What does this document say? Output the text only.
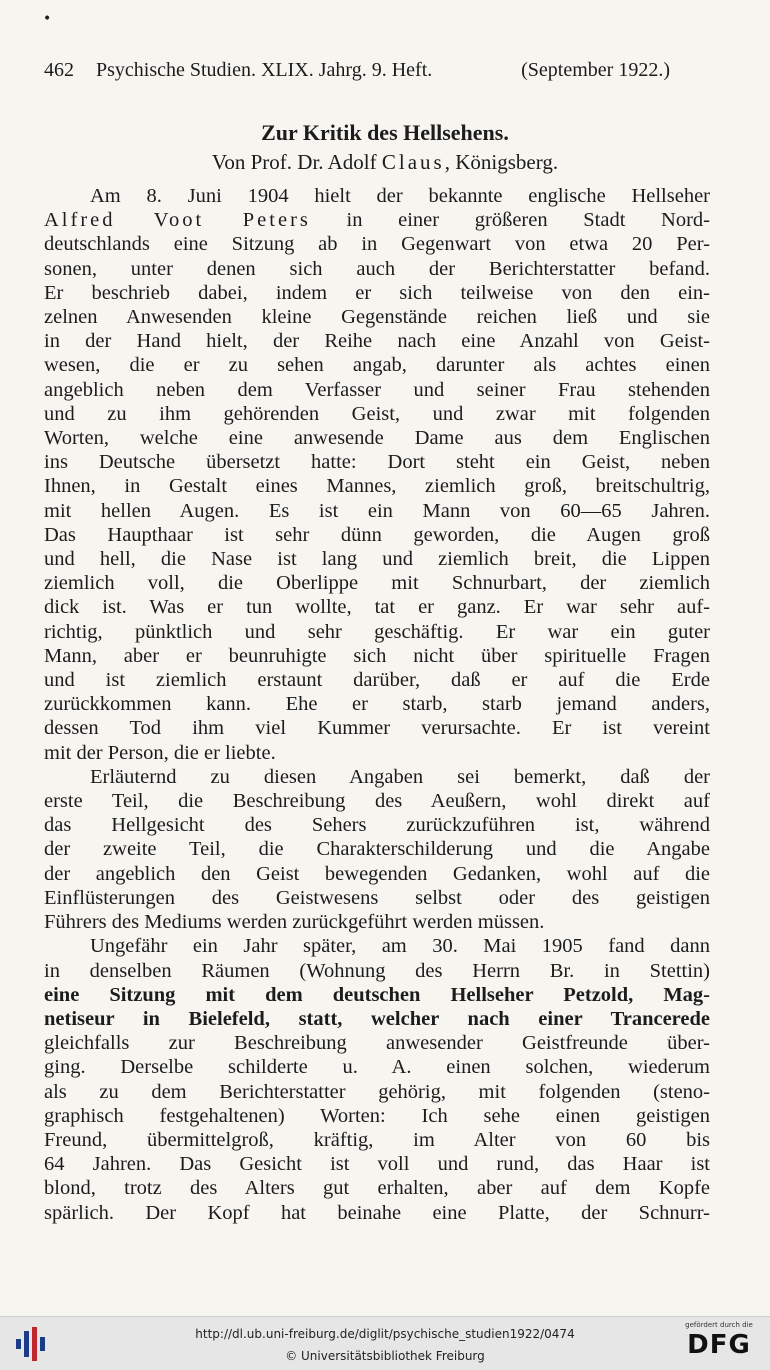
•
462 Psychische Studien. XLIX. Jahrg. 9. Heft.	(September 1922.)
Zur Kritik des Hellsehens.
Von Prof. Dr. Adolf Claus, Königsberg.
Am 8. Juni 1904 hielt der bekannte englische Hellseher
Alfred Voot Peters in einer größeren Stadt Nord-
deutschlands eine Sitzung ab in Gegenwart von etwa 20 Per-
sonen, unter denen sich auch der Berichterstatter befand.
Er beschrieb dabei, indem er sich teilweise von den ein-
zelnen Anwesenden kleine Gegenstände reichen ließ und sie
in der Hand hielt, der Reihe nach eine Anzahl von Geist-
wesen, die er zu sehen angab, darunter als achtes einen
angeblich neben dem Verfasser und seiner Frau stehenden
und zu ihm gehörenden Geist, und zwar mit folgenden
Worten, welche eine anwesende Dame aus dem Englischen
ins Deutsche übersetzt hatte: Dort steht ein Geist, neben
Ihnen, in Gestalt eines Mannes, ziemlich groß, breitschultrig,
mit hellen Augen. Es ist ein Mann von 60—65 Jahren.
Das Haupthaar ist sehr dünn geworden, die Augen groß
und hell, die Nase ist lang und ziemlich breit, die Lippen
ziemlich voll, die Oberlippe mit Schnurbart, der ziemlich
dick ist. Was er tun wollte, tat er ganz. Er war sehr auf-
richtig, pünktlich und sehr geschäftig. Er war ein guter
Mann, aber er beunruhigte sich nicht über spirituelle Fragen
und ist ziemlich erstaunt darüber, daß er auf die Erde
zurückkommen kann. Ehe er starb, starb jemand anders,
dessen Tod ihm viel Kummer verursachte. Er ist vereint
mit der Person, die er liebte.
Erläuternd zu diesen Angaben sei bemerkt, daß der
erste Teil, die Beschreibung des Aeußern, wohl direkt auf
das Hellgesicht des Sehers zurückzuführen ist, während
der zweite Teil, die Charakterschilderung und die Angabe
der angeblich den Geist bewegenden Gedanken, wohl auf die
Einflüsterungen des Geistwesens selbst oder des geistigen
Führers des Mediums werden zurückgeführt werden müssen.
Ungefähr ein Jahr später, am 30. Mai 1905 fand dann
in denselben Räumen (Wohnung des Herrn Br. in Stettin)
eine Sitzung mit dem deutschen Hellseher Petzold, Mag-
netiseur in Bielefeld, statt, welcher nach einer Trancerede
gleichfalls zur Beschreibung anwesender Geistfreunde über-
ging. Derselbe schilderte u. A. einen solchen, wiederum
als zu dem Berichterstatter gehörig, mit folgenden (steno-
graphisch festgehaltenen) Worten: Ich sehe einen geistigen
Freund, übermittelgroß, kräftig, im Alter von 60 bis
64 Jahren. Das Gesicht ist voll und rund, das Haar ist
blond, trotz des Alters gut erhalten, aber auf dem Kopfe
spärlich. Der Kopf hat beinahe eine Platte, der Schnurr-
http://dl.ub.uni-freiburg.de/diglit/psychische_studien1922/0474
© Universitätsbibliothek Freiburg
gefördert durch die
DFG
